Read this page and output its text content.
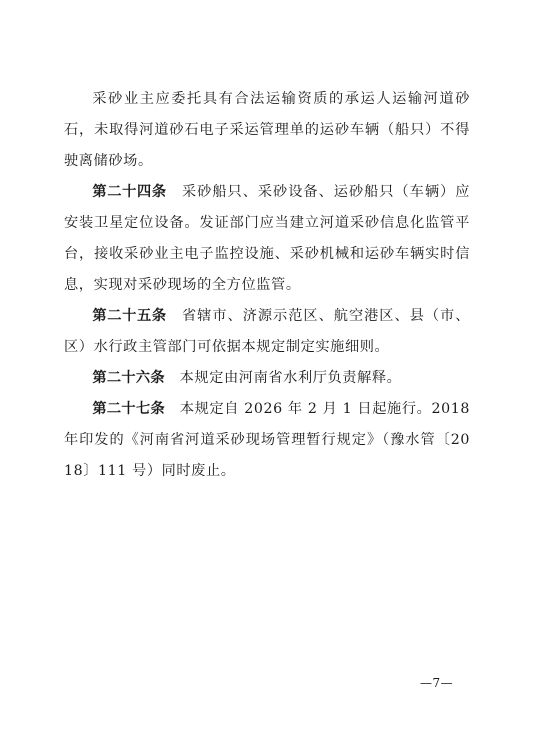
采砂业主应委托具有合法运输资质的承运人运输河道砂石，未取得河道砂石电子采运管理单的运砂车辆（船只）不得驶离储砂场。

第二十四条　 采砂船只、采砂设备、运砂船只（车辆）应安装卫星定位设备。发证部门应当建立河道采砂信息化监管平台，接收采砂业主电子监控设施、采砂机械和运砂车辆实时信息，实现对采砂现场的全方位监管。

第二十五条　 省辖市、济源示范区、航空港区、县（市、区）水行政主管部门可依据本规定制定实施细则。

第二十六条　 本规定由河南省水利厅负责解释。

第二十七条　 本规定自 2026 年 2 月 1 日起施行。2018 年印发的《河南省河道采砂现场管理暂行规定》（豫水管〔2018〕111 号）同时废止。

—7—
